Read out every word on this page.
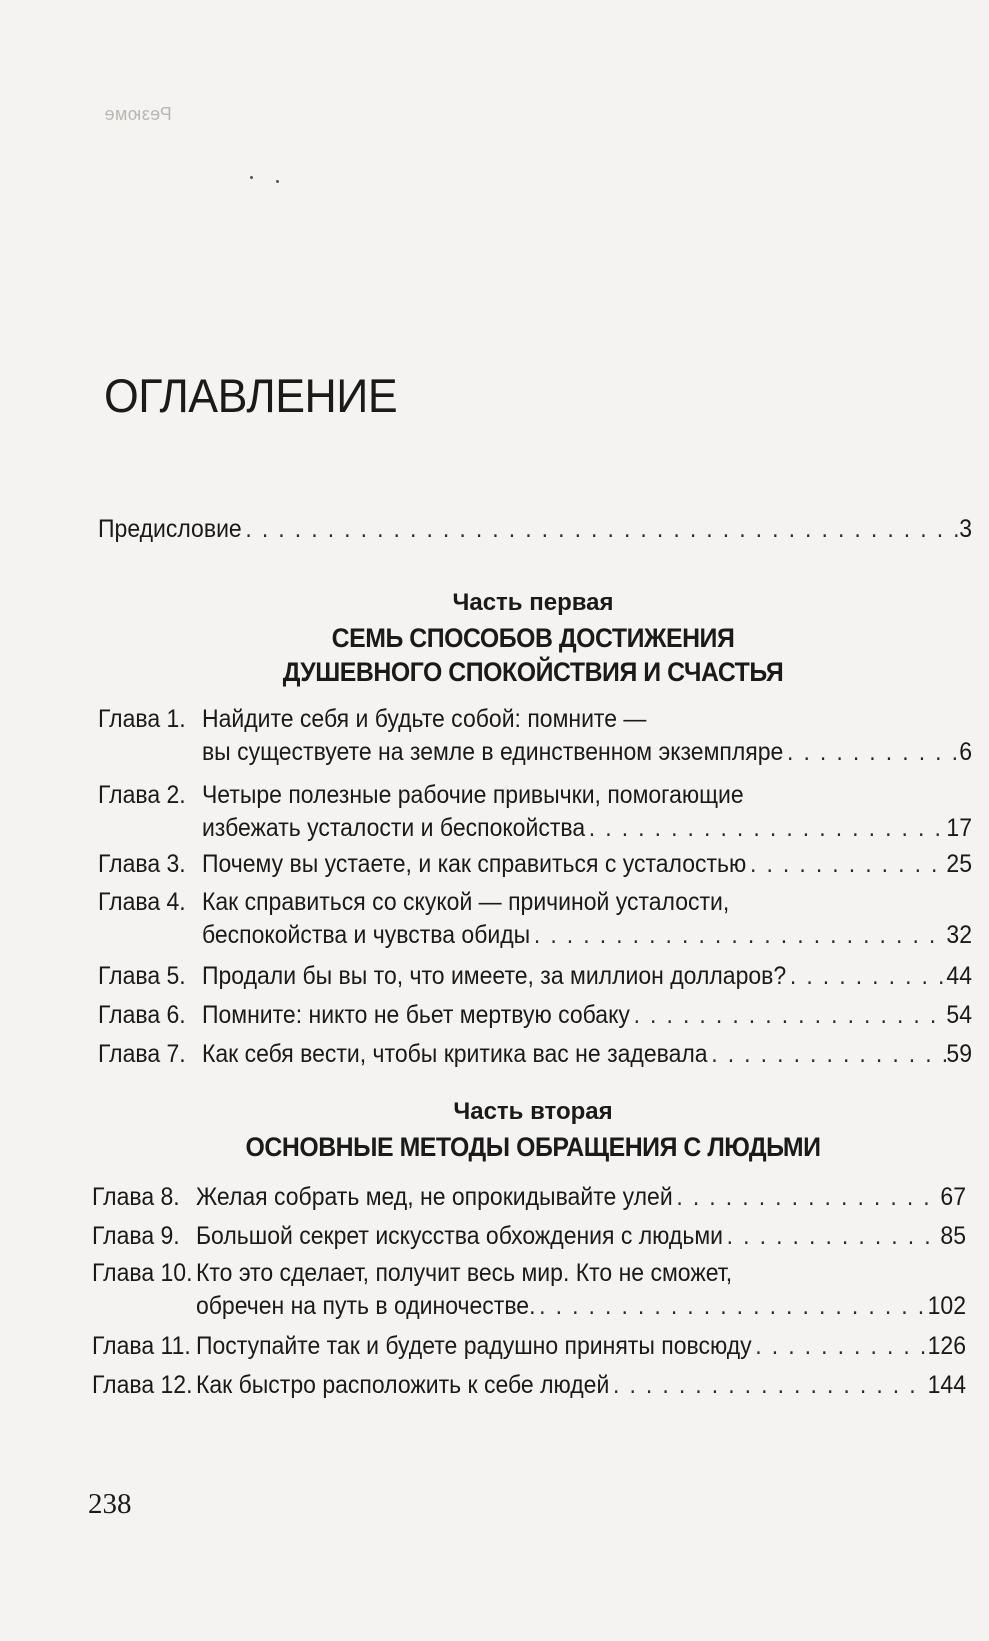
Резюме
ОГЛАВЛЕНИЕ
Предисловие . . .	3
Часть первая
СЕМЬ СПОСОБОВ ДОСТИЖЕНИЯ
ДУШЕВНОГО СПОКОЙСТВИЯ И СЧАСТЬЯ
Глава 1. Найдите себя и будьте собой: помните —
вы существуете на земле в единственном экземпляре . . .	6
Глава 2. Четыре полезные рабочие привычки, помогающие
избежать усталости и беспокойства . . .	17
Глава 3. Почему вы устаете, и как справиться с усталостью . . .	25
Глава 4. Как справиться со скукой — причиной усталости,
беспокойства и чувства обиды . . .	32
Глава 5. Продали бы вы то, что имеете, за миллион долларов? . . .	44
Глава 6. Помните: никто не бьет мертвую собаку . . .	54
Глава 7. Как себя вести, чтобы критика вас не задевала . . .	59
Часть вторая
ОСНОВНЫЕ МЕТОДЫ ОБРАЩЕНИЯ С ЛЮДЬМИ
Глава 8. Желая собрать мед, не опрокидывайте улей . . .	67
Глава 9. Большой секрет искусства обхождения с людьми . . .	85
Глава 10. Кто это сделает, получит весь мир. Кто не сможет,
обречен на путь в одиночестве. . . .	102
Глава 11. Поступайте так и будете радушно приняты повсюду . . .	126
Глава 12. Как быстро расположить к себе людей . . .	144
238
